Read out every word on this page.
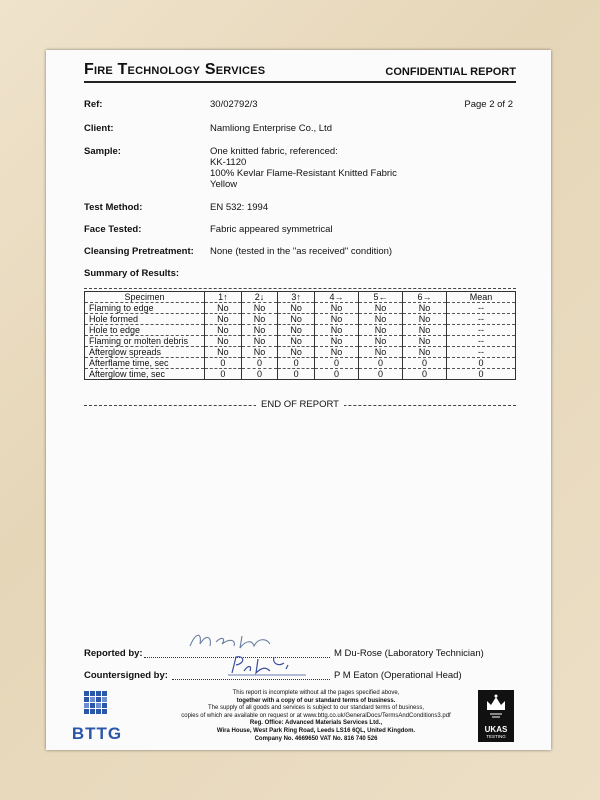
Fire Technology Services	CONFIDENTIAL REPORT
Ref:	30/02792/3	Page 2 of 2
Client:	Namliong Enterprise Co., Ltd
Sample:	One knitted fabric, referenced:
KK-1120
100% Kevlar Flame-Resistant Knitted Fabric
Yellow
Test Method:	EN 532: 1994
Face Tested:	Fabric appeared symmetrical
Cleansing Pretreatment: None (tested in the "as received" condition)
Summary of Results:
Specimen	1↑	2↓	3↑	4→	5←	6→	Mean
Flaming to edge	No	No	No	No	No	No	--
Hole formed	No	No	No	No	No	No	--
Hole to edge	No	No	No	No	No	No	--
Flaming or molten debris	No	No	No	No	No	No	--
Afterglow spreads	No	No	No	No	No	No	--
Afterflame time, sec	0	0	0	0	0	0	0
Afterglow time, sec	0	0	0	0	0	0	0
END OF REPORT
Reported by:	M Du-Rose (Laboratory Technician)
Countersigned by:	P M Eaton (Operational Head)
BTTG
This report is incomplete without all the pages specified above,
together with a copy of our standard terms of business.
The supply of all goods and services is subject to our standard terms of business,
copies of which are available on request or at www.bttg.co.uk/GeneralDocs/TermsAndConditions3.pdf
Reg. Office: Advanced Materials Services Ltd.,
Wira House, West Park Ring Road, Leeds LS16 6QL, United Kingdom.
Company No. 4669650 VAT No. 816 740 526
UKAS
TESTING
